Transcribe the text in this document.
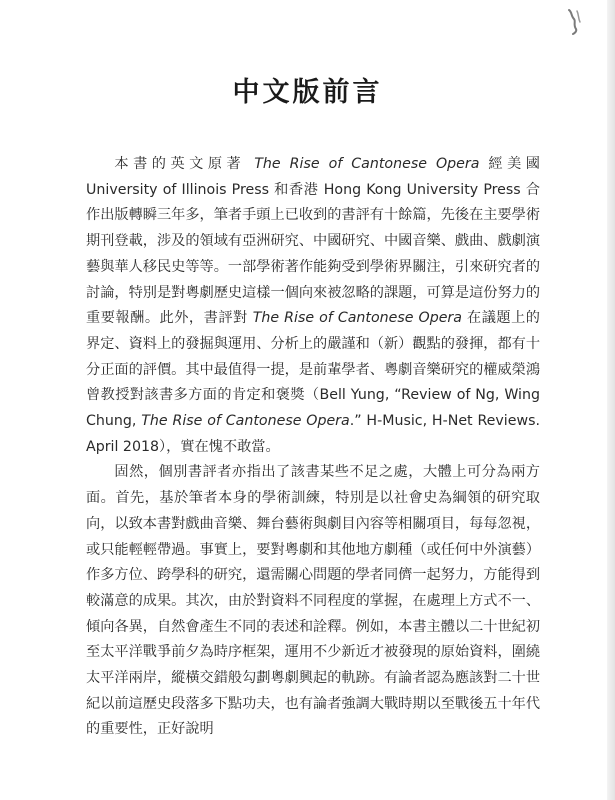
中文版前言

本書的英文原著 The Rise of Cantonese Opera 經美國 University of Illinois Press 和香港 Hong Kong University Press 合作出版轉瞬三年多，筆者手頭上已收到的書評有十餘篇，先後在主要學術期刊登載，涉及的領域有亞洲研究、中國研究、中國音樂、戲曲、戲劇演藝與華人移民史等等。一部學術著作能夠受到學術界關注，引來研究者的討論，特別是對粵劇歷史這樣一個向來被忽略的課題，可算是這份努力的重要報酬。此外，書評對 The Rise of Cantonese Opera 在議題上的界定、資料上的發掘與運用、分析上的嚴謹和（新）觀點的發揮，都有十分正面的評價。其中最值得一提，是前輩學者、粵劇音樂研究的權威榮鴻曾教授對該書多方面的肯定和褒獎（Bell Yung, “Review of Ng, Wing Chung, The Rise of Cantonese Opera.” H-Music, H-Net Reviews. April 2018），實在愧不敢當。

固然，個別書評者亦指出了該書某些不足之處，大體上可分為兩方面。首先，基於筆者本身的學術訓練，特別是以社會史為綱領的研究取向，以致本書對戲曲音樂、舞台藝術與劇目內容等相關項目，每每忽視，或只能輕輕帶過。事實上，要對粵劇和其他地方劇種（或任何中外演藝）作多方位、跨學科的研究，還需關心問題的學者同儕一起努力，方能得到較滿意的成果。其次，由於對資料不同程度的掌握，在處理上方式不一、傾向各異，自然會產生不同的表述和詮釋。例如，本書主體以二十世紀初至太平洋戰爭前夕為時序框架，運用不少新近才被發現的原始資料，圍繞太平洋兩岸，縱橫交錯般勾劃粵劇興起的軌跡。有論者認為應該對二十世紀以前這歷史段落多下點功夫，也有論者強調大戰時期以至戰後五十年代的重要性，正好說明
